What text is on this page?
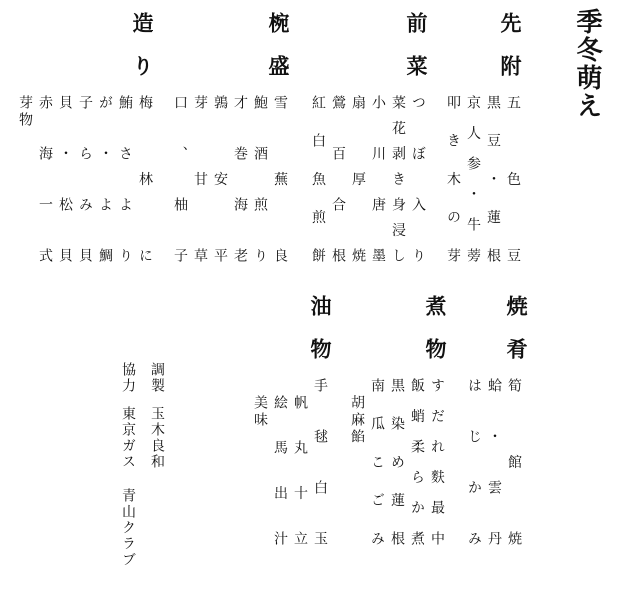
季冬萌え
先附

五色豆

黒豆・蓮根

京人参・牛蒡

叩き木の芽

前菜

つぼ入り

菜花剥き身浸し

小川唐墨

扇厚焼

鶯百合根

紅白魚煎餅

椀盛

雪蕪良

鮑酒煎り

才巻海老

鶉安平

芽甘草

口、柚子

造り

梅林に

鮪さより

が・よ鯛

子らみ貝

貝・松貝

赤海一式

芽物

焼肴

筍館焼

蛤・雲丹

はじかみ

煮物

すだれ麩最中

飯蛸柔らか煮

黒染め蓮根

南瓜こごみ

胡麻餡

油物

手毬白玉

帆丸十立

絵馬出汁

美味

調製玉木良和
協力東京ガス 青山クラブ
